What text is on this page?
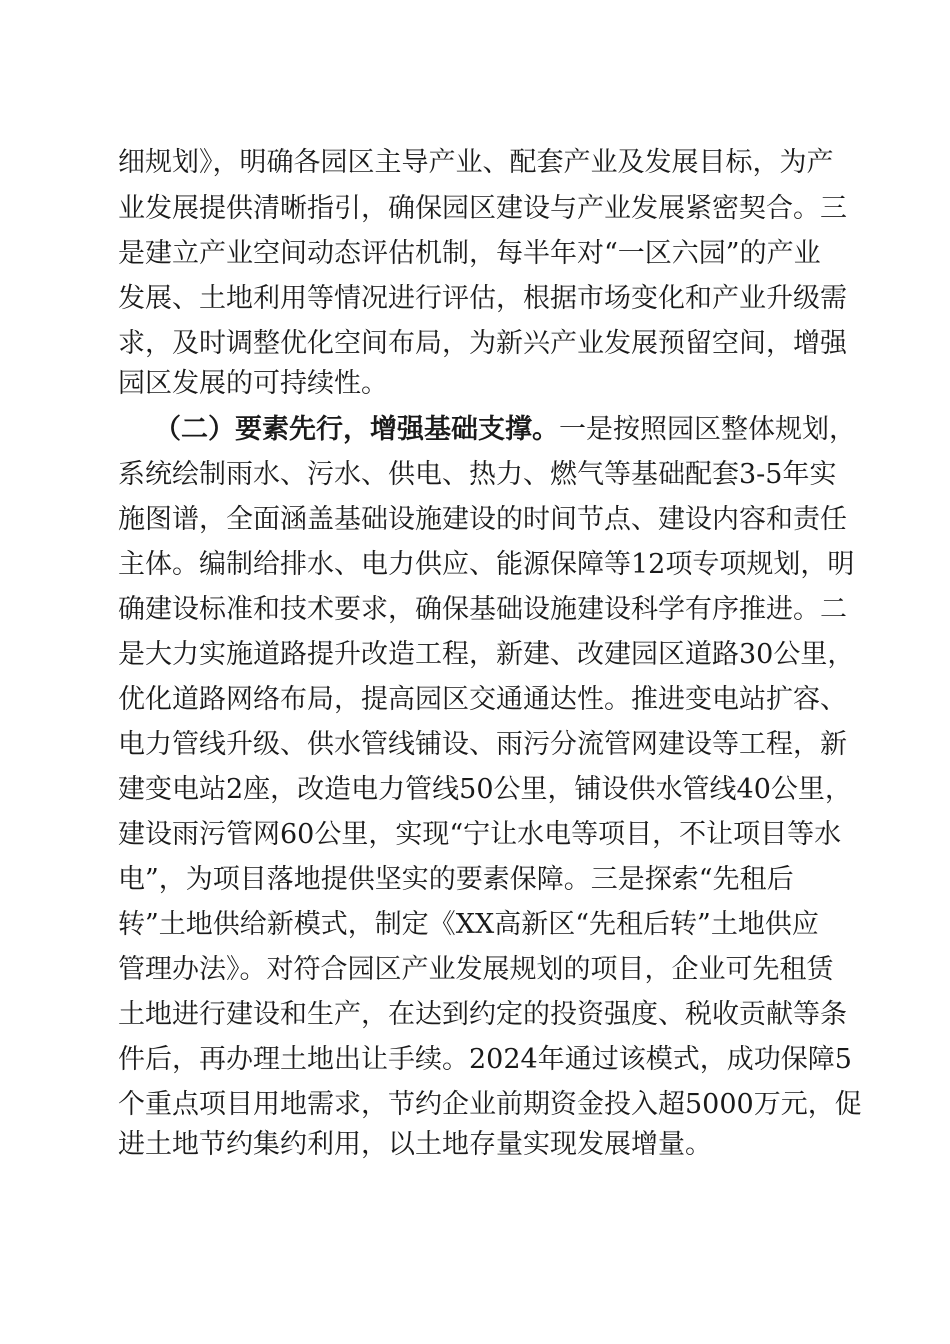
细规划》，明确各园区主导产业、配套产业及发展目标，为产
业发展提供清晰指引，确保园区建设与产业发展紧密契合。三
是建立产业空间动态评估机制，每半年对“一区六园”的产业
发展、土地利用等情况进行评估，根据市场变化和产业升级需
求，及时调整优化空间布局，为新兴产业发展预留空间，增强
园区发展的可持续性。
（二）要素先行，增强基础支撑。一是按照园区整体规划，
系统绘制雨水、污水、供电、热力、燃气等基础配套3-5年实
施图谱，全面涵盖基础设施建设的时间节点、建设内容和责任
主体。编制给排水、电力供应、能源保障等12项专项规划，明
确建设标准和技术要求，确保基础设施建设科学有序推进。二
是大力实施道路提升改造工程，新建、改建园区道路30公里，
优化道路网络布局，提高园区交通通达性。推进变电站扩容、
电力管线升级、供水管线铺设、雨污分流管网建设等工程，新
建变电站2座，改造电力管线50公里，铺设供水管线40公里，
建设雨污管网60公里，实现“宁让水电等项目，不让项目等水
电”，为项目落地提供坚实的要素保障。三是探索“先租后
转”土地供给新模式，制定《XX高新区“先租后转”土地供应
管理办法》。对符合园区产业发展规划的项目，企业可先租赁
土地进行建设和生产，在达到约定的投资强度、税收贡献等条
件后，再办理土地出让手续。2024年通过该模式，成功保障5
个重点项目用地需求，节约企业前期资金投入超5000万元，促
进土地节约集约利用，以土地存量实现发展增量。
